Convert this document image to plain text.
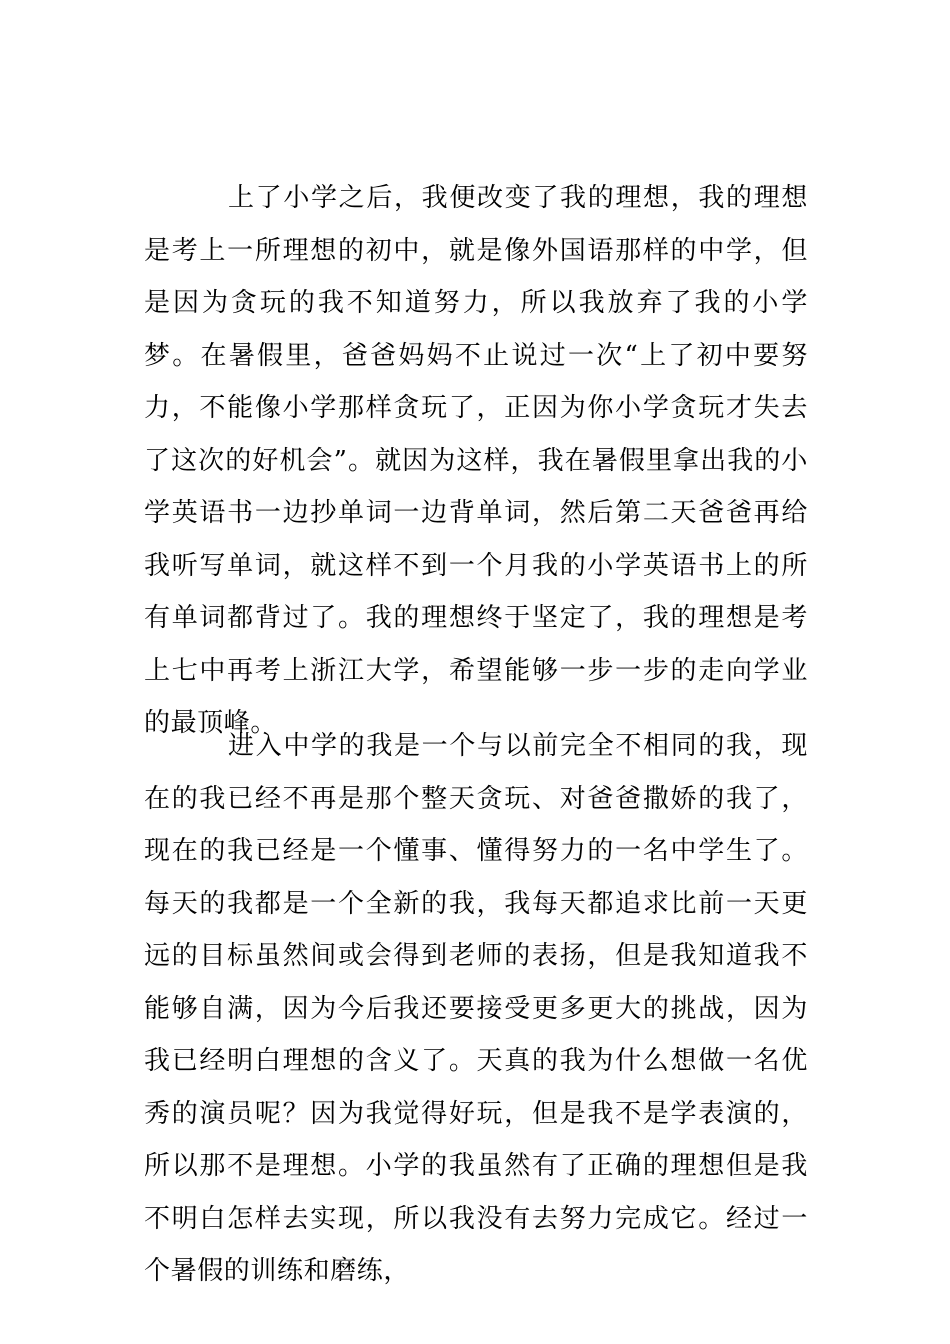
上了小学之后，我便改变了我的理想，我的理想是考上一所理想的初中，就是像外国语那样的中学，但是因为贪玩的我不知道努力，所以我放弃了我的小学梦。在暑假里，爸爸妈妈不止说过一次“上了初中要努力，不能像小学那样贪玩了，正因为你小学贪玩才失去了这次的好机会”。就因为这样，我在暑假里拿出我的小学英语书一边抄单词一边背单词，然后第二天爸爸再给我听写单词，就这样不到一个月我的小学英语书上的所有单词都背过了。我的理想终于坚定了，我的理想是考上七中再考上浙江大学，希望能够一步一步的走向学业的最顶峰。

进入中学的我是一个与以前完全不相同的我，现在的我已经不再是那个整天贪玩、对爸爸撒娇的我了，现在的我已经是一个懂事、懂得努力的一名中学生了。每天的我都是一个全新的我，我每天都追求比前一天更远的目标虽然间或会得到老师的表扬，但是我知道我不能够自满，因为今后我还要接受更多更大的挑战，因为我已经明白理想的含义了。天真的我为什么想做一名优秀的演员呢？因为我觉得好玩，但是我不是学表演的，所以那不是理想。小学的我虽然有了正确的理想但是我不明白怎样去实现，所以我没有去努力完成它。经过一个暑假的训练和磨练，
